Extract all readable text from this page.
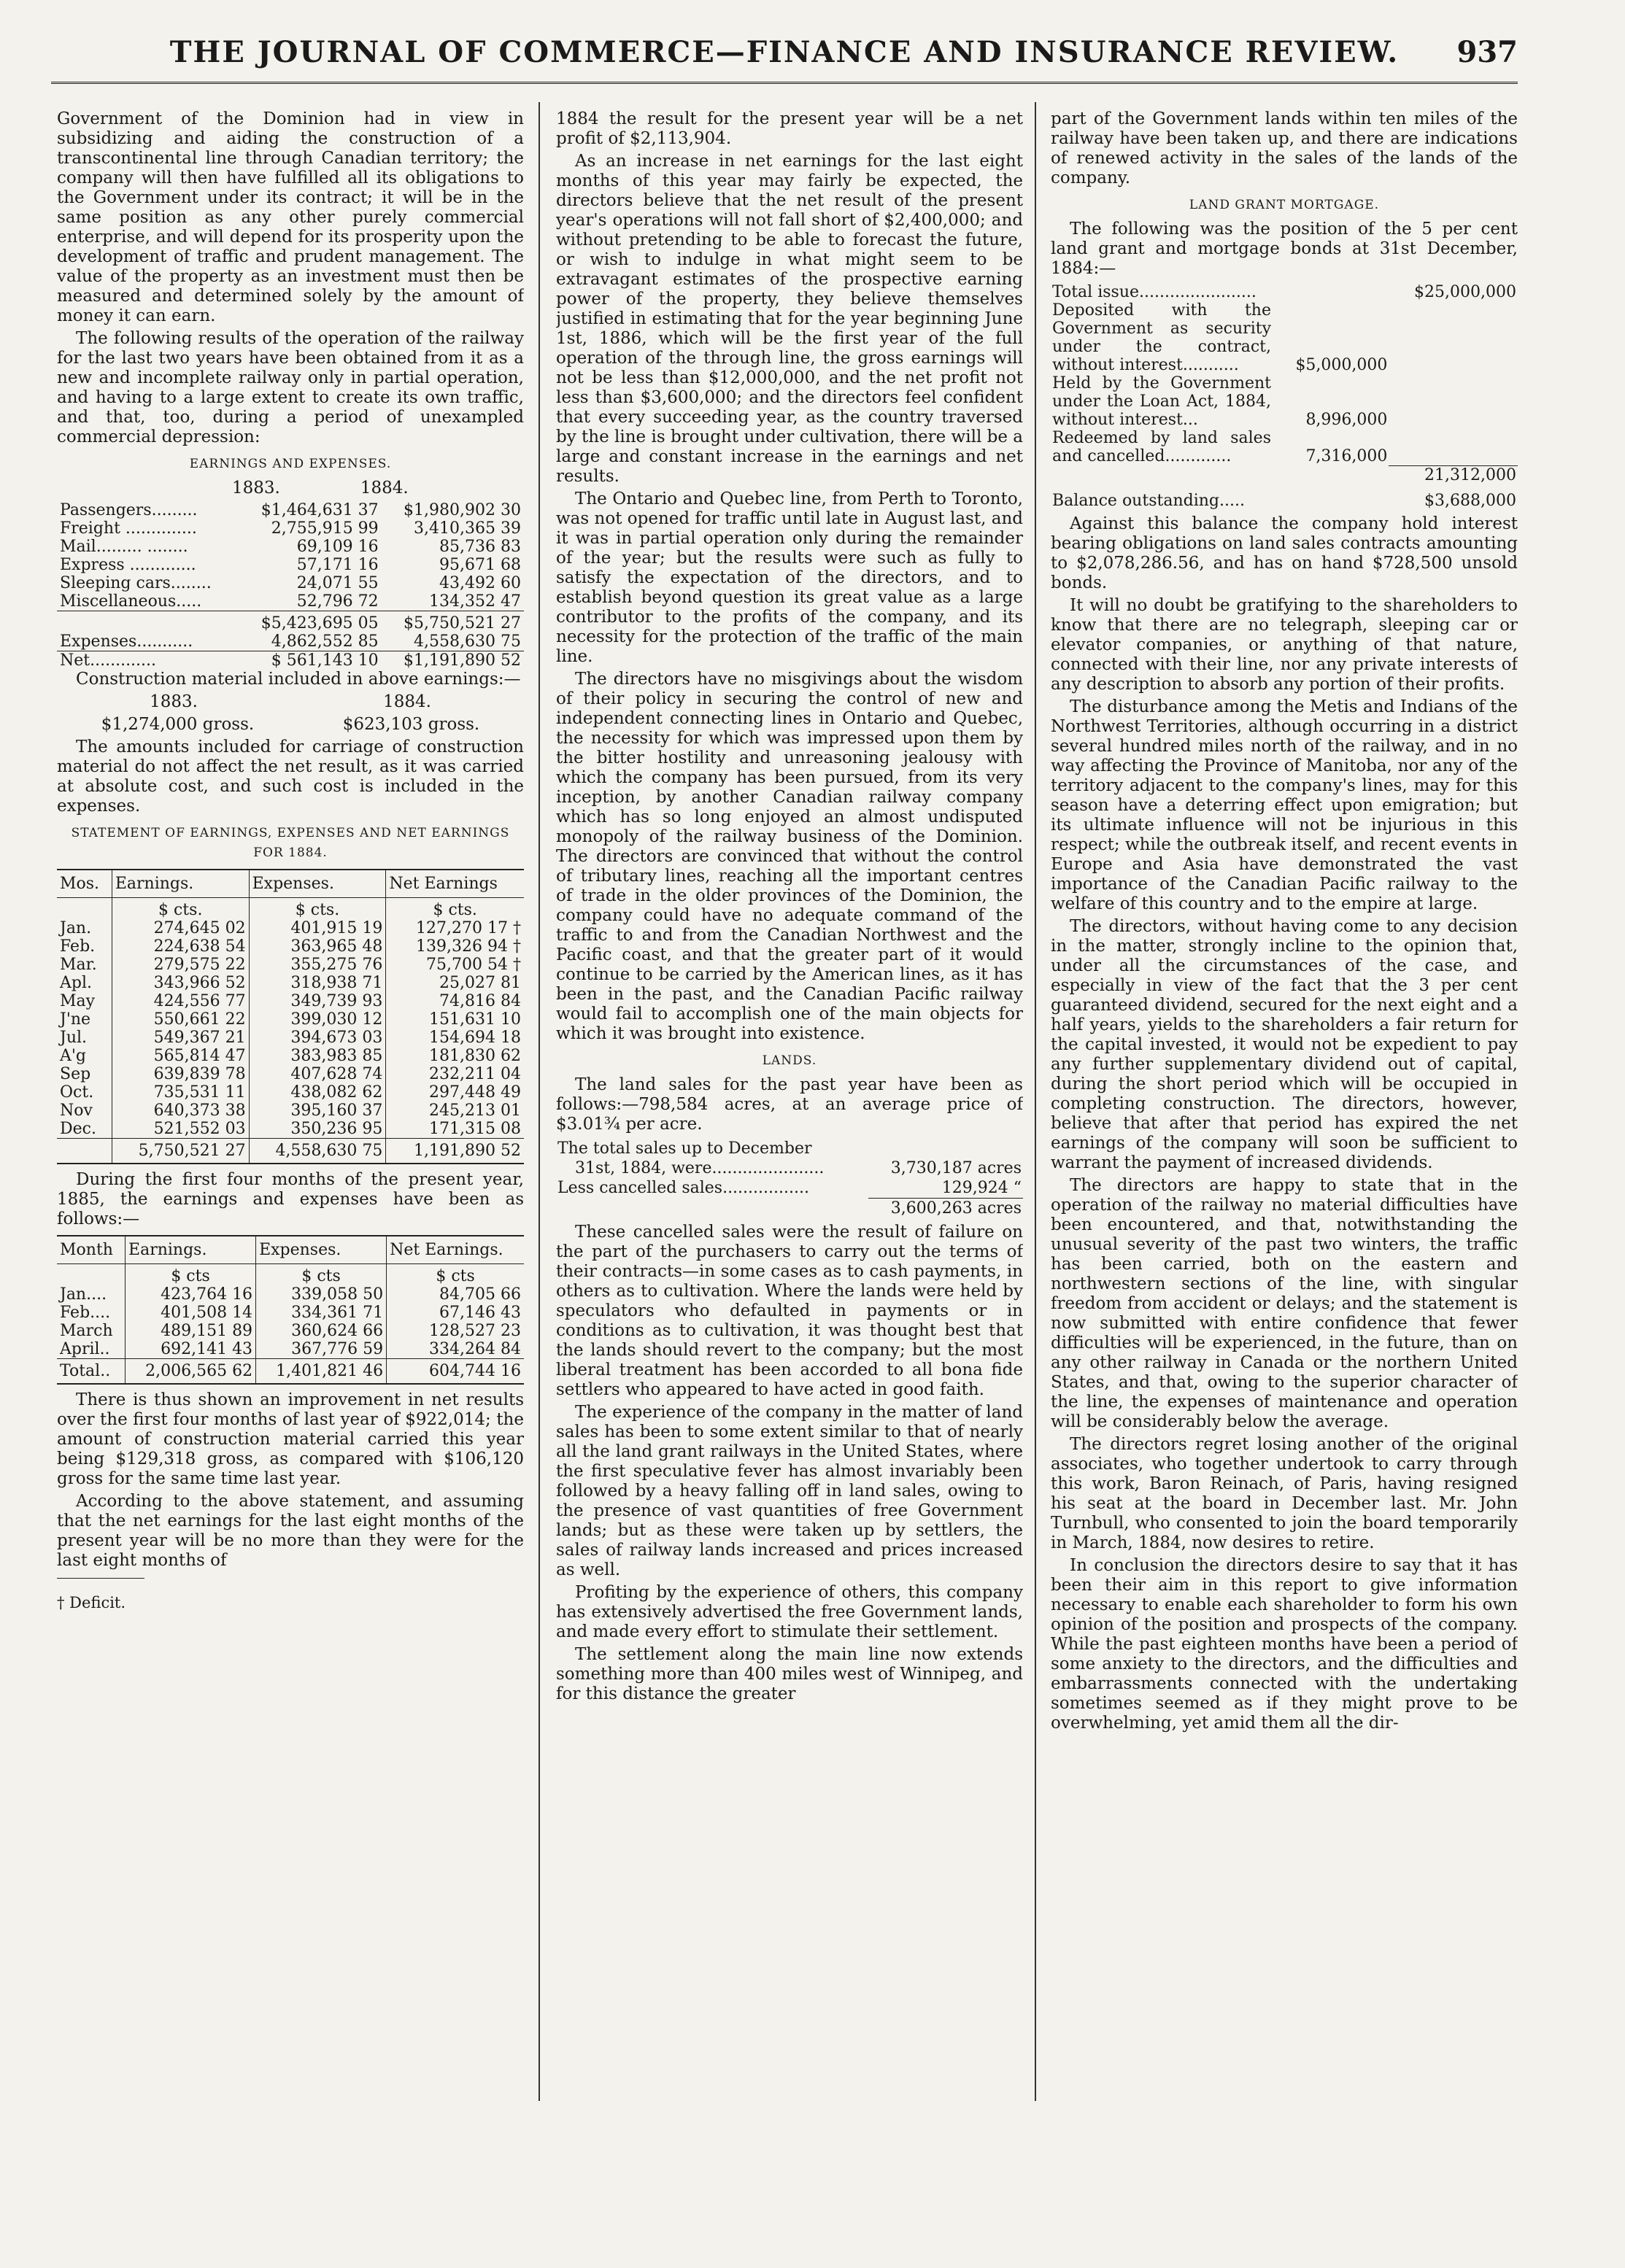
THE JOURNAL OF COMMERCE—FINANCE AND INSURANCE REVIEW.	937

Government of the Dominion had in view in subsidizing and aiding the construction of a transcontinental line through Canadian territory; the company will then have fulfilled all its obligations to the Government under its contract; it will be in the same position as any other purely commercial enterprise, and will depend for its prosperity upon the development of traffic and prudent management. The value of the property as an investment must then be measured and determined solely by the amount of money it can earn.

The following results of the operation of the railway for the last two years have been obtained from it as a new and incomplete railway only in partial operation, and having to a large extent to create its own traffic, and that, too, during a period of unexampled commercial depression:

EARNINGS AND EXPENSES.
1883.	1884.
Passengers.........	$1,464,631 37	$1,980,902 30
Freight ..............	2,755,915 99	3,410,365 39
Mail......... ........	69,109 16	85,736 83
Express .............	57,171 16	95,671 68
Sleeping cars........	24,071 55	43,492 60
Miscellaneous.....	52,796 72	134,352 47
	$5,423,695 05	$5,750,521 27
Expenses...........	4,862,552 85	4,558,630 75
Net.............	$ 561,143 10	$1,191,890 52

Construction material included in above earnings:—

1883.	1884.
$1,274,000 gross.	$623,103 gross.

The amounts included for carriage of construction material do not affect the net result, as it was carried at absolute cost, and such cost is included in the expenses.

STATEMENT OF EARNINGS, EXPENSES AND NET EARNINGS FOR 1884.
Mos.	Earnings.	Expenses.	Net Earnings
	$ cts.	$ cts.	$ cts.
Jan.	274,645 02	401,915 19	127,270 17 †
Feb.	224,638 54	363,965 48	139,326 94 †
Mar.	279,575 22	355,275 76	75,700 54 †
Apl.	343,966 52	318,938 71	25,027 81
May	424,556 77	349,739 93	74,816 84
J'ne	550,661 22	399,030 12	151,631 10
Jul.	549,367 21	394,673 03	154,694 18
A'g	565,814 47	383,983 85	181,830 62
Sep	639,839 78	407,628 74	232,211 04
Oct.	735,531 11	438,082 62	297,448 49
Nov	640,373 38	395,160 37	245,213 01
Dec.	521,552 03	350,236 95	171,315 08
	5,750,521 27	4,558,630 75	1,191,890 52

During the first four months of the present year, 1885, the earnings and expenses have been as follows:—

Month	Earnings.	Expenses.	Net Earnings.
	$ cts	$ cts	$ cts
Jan....	423,764 16	339,058 50	84,705 66
Feb....	401,508 14	334,361 71	67,146 43
March	489,151 89	360,624 66	128,527 23
April..	692,141 43	367,776 59	334,264 84
Total..	2,006,565 62	1,401,821 46	604,744 16

There is thus shown an improvement in net results over the first four months of last year of $922,014; the amount of construction material carried this year being $129,318 gross, as compared with $106,120 gross for the same time last year.

According to the above statement, and assuming that the net earnings for the last eight months of the present year will be no more than they were for the last eight months of

† Deficit.

1884 the result for the present year will be a net profit of $2,113,904.

As an increase in net earnings for the last eight months of this year may fairly be expected, the directors believe that the net result of the present year's operations will not fall short of $2,400,000; and without pretending to be able to forecast the future, or wish to indulge in what might seem to be extravagant estimates of the prospective earning power of the property, they believe themselves justified in estimating that for the year beginning June 1st, 1886, which will be the first year of the full operation of the through line, the gross earnings will not be less than $12,000,000, and the net profit not less than $3,600,000; and the directors feel confident that every succeeding year, as the country traversed by the line is brought under cultivation, there will be a large and constant increase in the earnings and net results.

The Ontario and Quebec line, from Perth to Toronto, was not opened for traffic until late in August last, and it was in partial operation only during the remainder of the year; but the results were such as fully to satisfy the expectation of the directors, and to establish beyond question its great value as a large contributor to the profits of the company, and its necessity for the protection of the traffic of the main line.

The directors have no misgivings about the wisdom of their policy in securing the control of new and independent connecting lines in Ontario and Quebec, the necessity for which was impressed upon them by the bitter hostility and unreasoning jealousy with which the company has been pursued, from its very inception, by another Canadian railway company which has so long enjoyed an almost undisputed monopoly of the railway business of the Dominion. The directors are convinced that without the control of tributary lines, reaching all the important centres of trade in the older provinces of the Dominion, the company could have no adequate command of the traffic to and from the Canadian Northwest and the Pacific coast, and that the greater part of it would continue to be carried by the American lines, as it has been in the past, and the Canadian Pacific railway would fail to accomplish one of the main objects for which it was brought into existence.

LANDS.

The land sales for the past year have been as follows:—798,584 acres, at an average price of $3.01¾ per acre.

The total sales up to December	
31st, 1884, were......................	3,730,187 acres
Less cancelled sales.................	129,924 “
	3,600,263 acres

These cancelled sales were the result of failure on the part of the purchasers to carry out the terms of their contracts—in some cases as to cash payments, in others as to cultivation. Where the lands were held by speculators who defaulted in payments or in conditions as to cultivation, it was thought best that the lands should revert to the company; but the most liberal treatment has been accorded to all bona fide settlers who appeared to have acted in good faith.

The experience of the company in the matter of land sales has been to some extent similar to that of nearly all the land grant railways in the United States, where the first speculative fever has almost invariably been followed by a heavy falling off in land sales, owing to the presence of vast quantities of free Government lands; but as these were taken up by settlers, the sales of railway lands increased and prices increased as well.

Profiting by the experience of others, this company has extensively advertised the free Government lands, and made every effort to stimulate their settlement.

The settlement along the main line now extends something more than 400 miles west of Winnipeg, and for this distance the greater

part of the Government lands within ten miles of the railway have been taken up, and there are indications of renewed activity in the sales of the lands of the company.

LAND GRANT MORTGAGE.

The following was the position of the 5 per cent land grant and mortgage bonds at 31st December, 1884:—

Total issue.......................		$25,000,000
Deposited with the Government as security under the contract, without interest...........	$5,000,000	
Held by the Government under the Loan Act, 1884, without interest...	8,996,000	
Redeemed by land sales and cancelled.............	7,316,000	
		21,312,000
Balance outstanding.....		$3,688,000

Against this balance the company hold interest bearing obligations on land sales contracts amounting to $2,078,286.56, and has on hand $728,500 unsold bonds.

It will no doubt be gratifying to the shareholders to know that there are no telegraph, sleeping car or elevator companies, or anything of that nature, connected with their line, nor any private interests of any description to absorb any portion of their profits.

The disturbance among the Metis and Indians of the Northwest Territories, although occurring in a district several hundred miles north of the railway, and in no way affecting the Province of Manitoba, nor any of the territory adjacent to the company's lines, may for this season have a deterring effect upon emigration; but its ultimate influence will not be injurious in this respect; while the outbreak itself, and recent events in Europe and Asia have demonstrated the vast importance of the Canadian Pacific railway to the welfare of this country and to the empire at large.

The directors, without having come to any decision in the matter, strongly incline to the opinion that, under all the circumstances of the case, and especially in view of the fact that the 3 per cent guaranteed dividend, secured for the next eight and a half years, yields to the shareholders a fair return for the capital invested, it would not be expedient to pay any further supplementary dividend out of capital, during the short period which will be occupied in completing construction. The directors, however, believe that after that period has expired the net earnings of the company will soon be sufficient to warrant the payment of increased dividends.

The directors are happy to state that in the operation of the railway no material difficulties have been encountered, and that, notwithstanding the unusual severity of the past two winters, the traffic has been carried, both on the eastern and northwestern sections of the line, with singular freedom from accident or delays; and the statement is now submitted with entire confidence that fewer difficulties will be experienced, in the future, than on any other railway in Canada or the northern United States, and that, owing to the superior character of the line, the expenses of maintenance and operation will be considerably below the average.

The directors regret losing another of the original associates, who together undertook to carry through this work, Baron Reinach, of Paris, having resigned his seat at the board in December last. Mr. John Turnbull, who consented to join the board temporarily in March, 1884, now desires to retire.

In conclusion the directors desire to say that it has been their aim in this report to give information necessary to enable each shareholder to form his own opinion of the position and prospects of the company. While the past eighteen months have been a period of some anxiety to the directors, and the difficulties and embarrassments connected with the undertaking sometimes seemed as if they might prove to be overwhelming, yet amid them all the dir-
